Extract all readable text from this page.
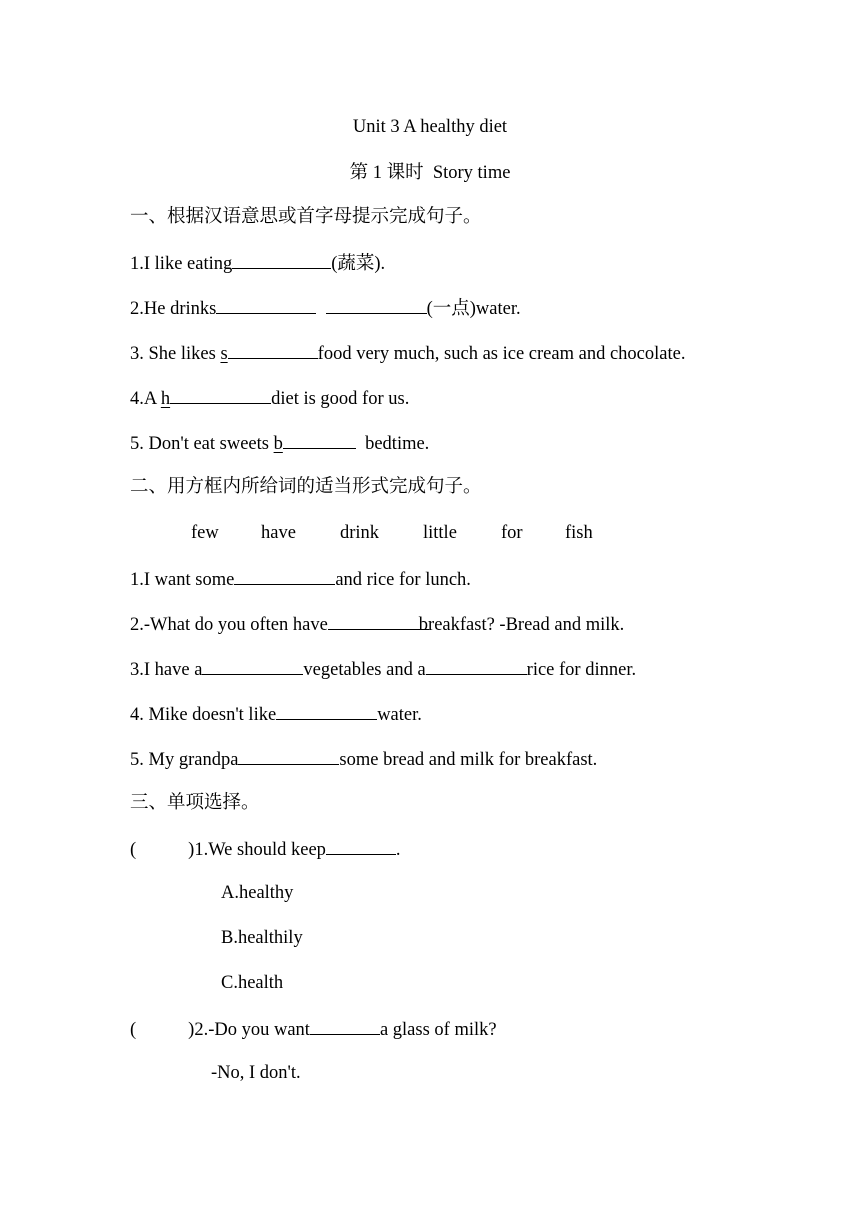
Unit 3 A healthy diet
第 1 课时 Story time
一、根据汉语意思或首字母提示完成句子。
1.I like eating	(蔬菜).
2.He drinks	(一点)water.
3. She likes s	food very much, such as ice cream and chocolate.
4.A h	diet is good for us.
5. Don't eat sweets b	bedtime.
二、用方框内所给词的适当形式完成句子。
few have drink little for fish
1.I want some	and rice for lunch.
2.-What do you often have	breakfast? -Bread and milk.
3.I have a	vegetables and a	rice for dinner.
4. Mike doesn't like	water.
5. My grandpa	some bread and milk for breakfast.
三、单项选择。
(	)1.We should keep	.
A.healthy
B.healthily
C.health
(	)2.-Do you want	a glass of milk?
-No, I don't.
